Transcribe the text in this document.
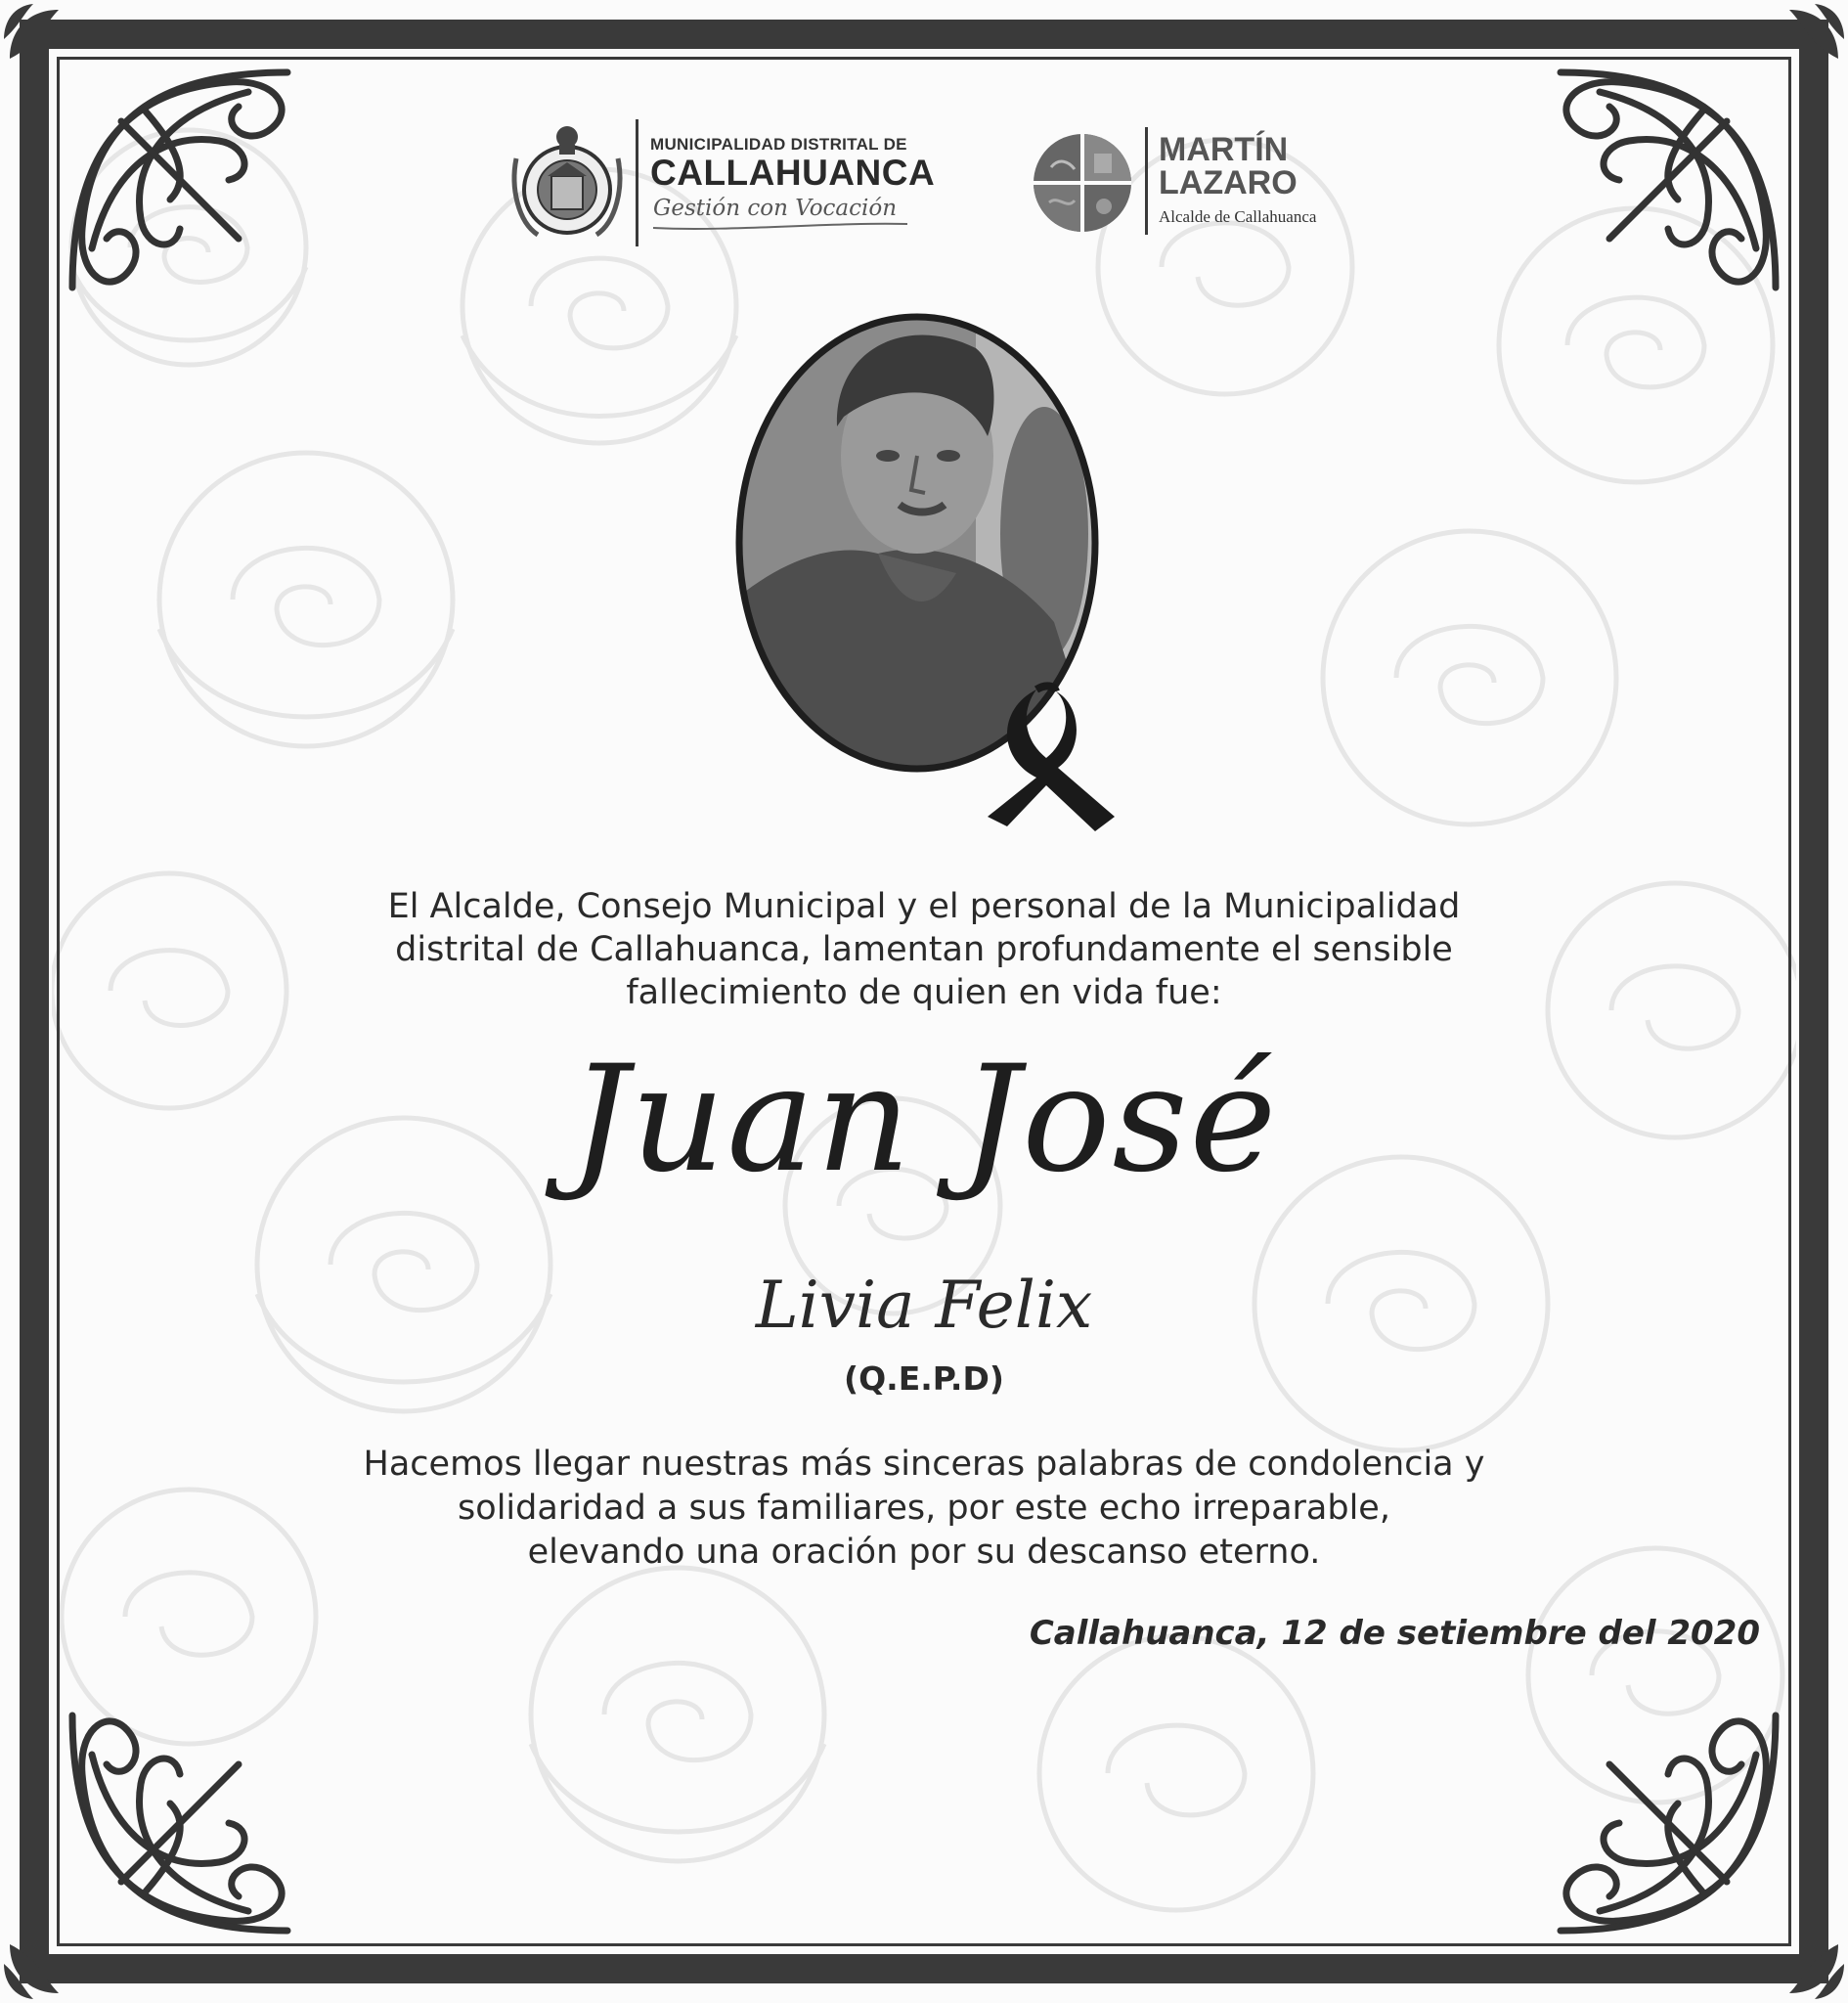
MUNICIPALIDAD DISTRITAL DE
CALLAHUANCA
Gestión con Vocación
MARTÍN
LAZARO
Alcalde de Callahuanca
El Alcalde, Consejo Municipal y el personal de la Municipalidad
distrital de Callahuanca, lamentan profundamente el sensible
fallecimiento de quien en vida fue:
Juan José
Livia Felix
(Q.E.P.D)
Hacemos llegar nuestras más sinceras palabras de condolencia y
solidaridad a sus familiares, por este echo irreparable,
elevando una oración por su descanso eterno.
Callahuanca, 12 de setiembre del 2020
